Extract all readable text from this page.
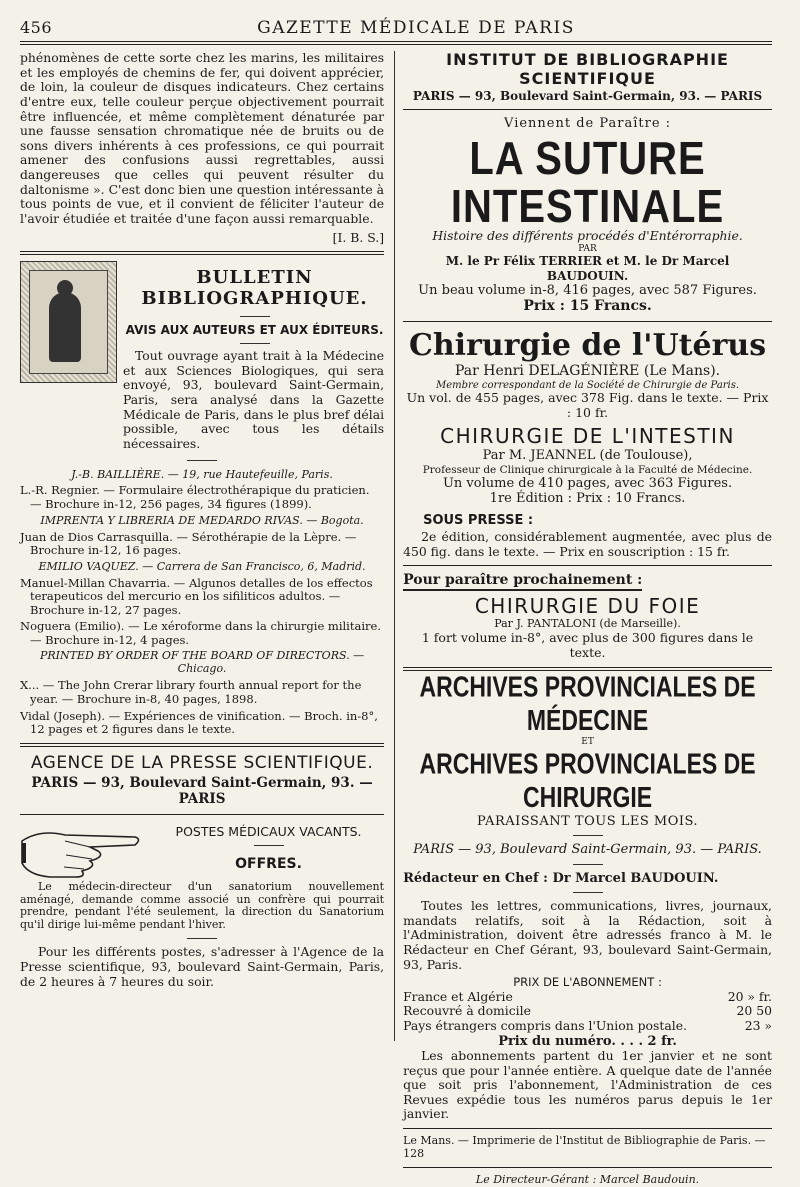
456	GAZETTE MÉDICALE DE PARIS

phénomènes de cette sorte chez les marins, les militaires et les employés de chemins de fer, qui doivent apprécier, de loin, la couleur de disques indicateurs. Chez certains d'entre eux, telle couleur perçue objectivement pourrait être influencée, et même complètement dénaturée par une fausse sensation chromatique née de bruits ou de sons divers inhérents à ces professions, ce qui pourrait amener des confusions aussi regrettables, aussi dangereuses que celles qui peuvent résulter du daltonisme ». C'est donc bien une question intéressante à tous points de vue, et il convient de féliciter l'auteur de l'avoir étudiée et traitée d'une façon aussi remarquable.

[I. B. S.]
BULLETIN BIBLIOGRAPHIQUE.
AVIS AUX AUTEURS ET AUX ÉDITEURS.

Tout ouvrage ayant trait à la Médecine et aux Sciences Biologiques, qui sera envoyé, 93, boulevard Saint-Germain, Paris, sera analysé dans la Gazette Médicale de Paris, dans le plus bref délai possible, avec tous les détails nécessaires.

J.-B. BAILLIÈRE. — 19, rue Hautefeuille, Paris.
L.-R. Regnier. — Formulaire électrothérapique du praticien. — Brochure in-12, 256 pages, 34 figures (1899).
IMPRENTA Y LIBRERIA DE MEDARDO RIVAS. — Bogota.
Juan de Dios Carrasquilla. — Sérothérapie de la Lèpre. — Brochure in-12, 16 pages.
EMILIO VAQUEZ. — Carrera de San Francisco, 6, Madrid.
Manuel-Millan Chavarria. — Algunos detalles de los effectos terapeuticos del mercurio en los sifiliticos adultos. — Brochure in-12, 27 pages.
Noguera (Emilio). — Le xéroforme dans la chirurgie militaire. — Brochure in-12, 4 pages.
PRINTED BY ORDER OF THE BOARD OF DIRECTORS. — Chicago.
X... — The John Crerar library fourth annual report for the year. — Brochure in-8, 40 pages, 1898.
Vidal (Joseph). — Expériences de vinification. — Broch. in-8°, 12 pages et 2 figures dans le texte.
AGENCE DE LA PRESSE SCIENTIFIQUE.
PARIS — 93, Boulevard Saint-Germain, 93. — PARIS
POSTES MÉDICAUX VACANTS.
OFFRES.

Le médecin-directeur d'un sanatorium nouvellement aménagé, demande comme associé un confrère qui pourrait prendre, pendant l'été seulement, la direction du Sanatorium qu'il dirige lui-même pendant l'hiver.

Pour les différents postes, s'adresser à l'Agence de la Presse scientifique, 93, boulevard Saint-Germain, Paris, de 2 heures à 7 heures du soir.

INSTITUT DE BIBLIOGRAPHIE SCIENTIFIQUE
PARIS — 93, Boulevard Saint-Germain, 93. — PARIS
Viennent de Paraître :
LA SUTURE INTESTINALE
Histoire des différents procédés d'Entérorraphie.
PAR
M. le Pr Félix TERRIER et M. le Dr Marcel BAUDOUIN.
Un beau volume in-8, 416 pages, avec 587 Figures.
Prix : 15 Francs.
Chirurgie de l'Utérus
Par Henri DELAGÉNIÈRE (Le Mans).
Membre correspondant de la Société de Chirurgie de Paris.
Un vol. de 455 pages, avec 378 Fig. dans le texte. — Prix : 10 fr.
CHIRURGIE DE L'INTESTIN
Par M. JEANNEL (de Toulouse),
Professeur de Clinique chirurgicale à la Faculté de Médecine.
Un volume de 410 pages, avec 363 Figures.
1re Édition : Prix : 10 Francs.
SOUS PRESSE :

2e édition, considérablement augmentée, avec plus de 450 fig. dans le texte. — Prix en souscription : 15 fr.

Pour paraître prochainement :
CHIRURGIE DU FOIE
Par J. PANTALONI (de Marseille).
1 fort volume in-8°, avec plus de 300 figures dans le texte.
ARCHIVES PROVINCIALES DE MÉDECINE
ET
ARCHIVES PROVINCIALES DE CHIRURGIE
PARAISSANT TOUS LES MOIS.
PARIS — 93, Boulevard Saint-Germain, 93. — PARIS.
Rédacteur en Chef : Dr Marcel BAUDOUIN.

Toutes les lettres, communications, livres, journaux, mandats relatifs, soit à la Rédaction, soit à l'Administration, doivent être adressés franco à M. le Rédacteur en Chef Gérant, 93, boulevard Saint-Germain, 93, Paris.

PRIX DE L'ABONNEMENT :
France et Algérie	20 » fr.
Recouvré à domicile	20 50
Pays étrangers compris dans l'Union postale.	23 »
Prix du numéro. . . . 2 fr.

Les abonnements partent du 1er janvier et ne sont reçus que pour l'année entière. A quelque date de l'année que soit pris l'abonnement, l'Administration de ces Revues expédie tous les numéros parus depuis le 1er janvier.

Le Mans. — Imprimerie de l'Institut de Bibliographie de Paris. — 128
Le Directeur-Gérant : Marcel Baudouin.
